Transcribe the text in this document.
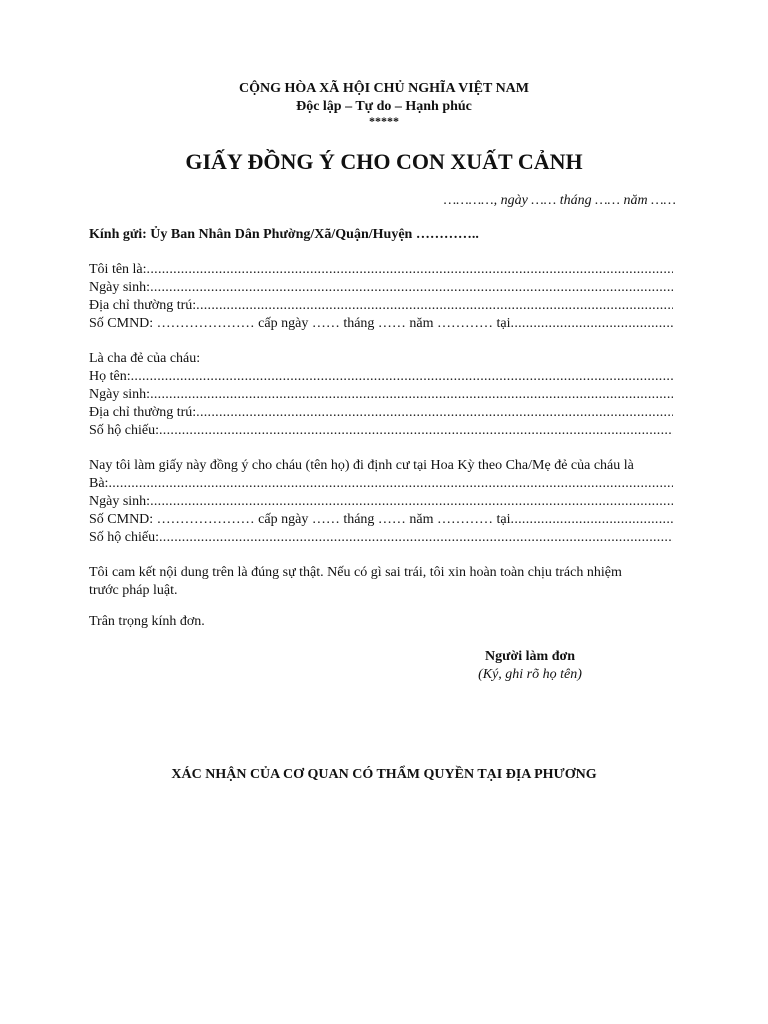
CỘNG HÒA XÃ HỘI CHỦ NGHĨA VIỆT NAM
Độc lập – Tự do – Hạnh phúc
*****
GIẤY ĐỒNG Ý CHO CON XUẤT CẢNH
…………, ngày …… tháng …… năm ……
Kính gửi: Ủy Ban Nhân Dân Phường/Xã/Quận/Huyện …………..
Tôi tên là:
.....
Ngày sinh:
.....
Địa chỉ thường trú:
.....
Số CMND: ………………… cấp ngày …… tháng …… năm ………… tại
.....
Là cha đẻ của cháu:
Họ tên:
.....
Ngày sinh:
.....
Địa chỉ thường trú:
.....
Số hộ chiếu:
.....
Nay tôi làm giấy này đồng ý cho cháu (tên họ) đi định cư tại Hoa Kỳ theo Cha/Mẹ đẻ của cháu là
Bà:
.....
Ngày sinh:
.....
Số CMND: ………………… cấp ngày …… tháng …… năm ………… tại
.....
Số hộ chiếu:
.....
Tôi cam kết nội dung trên là đúng sự thật. Nếu có gì sai trái, tôi xin hoàn toàn chịu trách nhiệm trước pháp luật.
Trân trọng kính đơn.
Người làm đơn
(Ký, ghi rõ họ tên)
XÁC NHẬN CỦA CƠ QUAN CÓ THẨM QUYỀN TẠI ĐỊA PHƯƠNG
